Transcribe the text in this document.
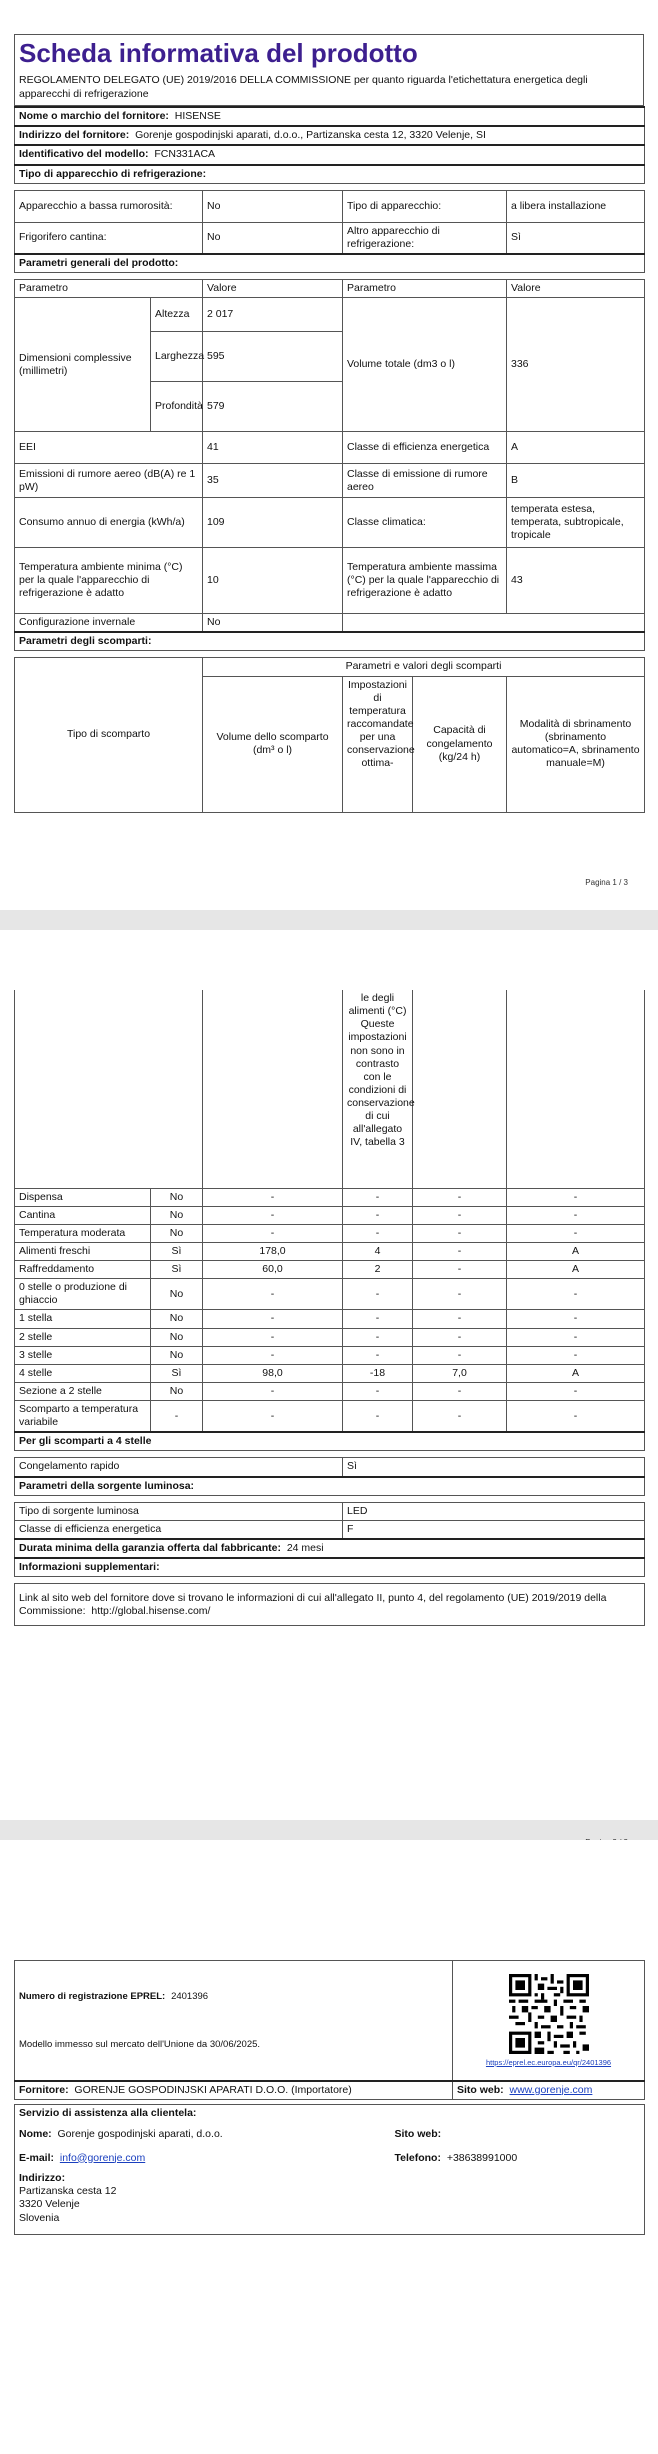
Scheda informativa del prodotto
REGOLAMENTO DELEGATO (UE) 2019/2016 DELLA COMMISSIONE per quanto riguarda l'etichettatura energetica degli apparecchi di refrigerazione
Nome o marchio del fornitore: HISENSE
Indirizzo del fornitore: Gorenje gospodinjski aparati, d.o.o., Partizanska cesta 12, 3320 Velenje, SI
Identificativo del modello: FCN331ACA
Tipo di apparecchio di refrigerazione:
Apparecchio a bassa rumorosità:	No	Tipo di apparecchio:	a libera installazione
Frigorifero cantina:	No	Altro apparecchio di refrigerazione:	Sì
Parametri generali del prodotto:			
Parametro		Valore	Parametro	Valore
Dimensioni complessive (millimetri)	Altezza	2 017	Volume totale (dm3 o l)	336
	Larghezza	595		
	Profondità	579		
EEI		41	Classe di efficienza energetica	A
Emissioni di rumore aereo (dB(A) re 1 pW)		35	Classe di emissione di rumore aereo	B
Consumo annuo di energia (kWh/a)		109	Classe climatica:	temperata estesa, temperata, subtropicale, tropicale
Temperatura ambiente minima (°C) per la quale l'apparecchio di refrigerazione è adatto		10	Temperatura ambiente massima (°C) per la quale l'apparecchio di refrigerazione è adatto	43
Configurazione invernale		No		
Parametri degli scomparti:				
Tipo di scomparto	Parametri e valori degli scomparti			
	Volume dello scomparto (dm³ o l)	Impostazioni di temperatura raccomandate per una conservazione ottima-	Capacità di congelamento (kg/24 h)	Modalità di sbrinamento (sbrinamento automatico=A, sbrinamento manuale=M)
Pagina 1 / 3
			le degli alimenti (°C) Queste impostazioni non sono in contrasto con le condizioni di conservazione di cui all'allegato IV, tabella 3		
Dispensa	No	-	-	-	-
Cantina	No	-	-	-	-
Temperatura moderata	No	-	-	-	-
Alimenti freschi	Sì	178,0	4	-	A
Raffreddamento	Sì	60,0	2	-	A
0 stelle o produzione di ghiaccio	No	-	-	-	-
1 stella	No	-	-	-	-
2 stelle	No	-	-	-	-
3 stelle	No	-	-	-	-
4 stelle	Sì	98,0	-18	7,0	A
Sezione a 2 stelle	No	-	-	-	-
Scomparto a temperatura variabile	-	-	-	-	-
Per gli scomparti a 4 stelle					
Congelamento rapido	Sì
Parametri della sorgente luminosa:
Tipo di sorgente luminosa	LED
Classe di efficienza energetica	F
Durata minima della garanzia offerta dal fabbricante: 24 mesi	
Informazioni supplementari:	
Link al sito web del fornitore dove si trovano le informazioni di cui all'allegato II, punto 4, del regolamento (UE) 2019/2019 della Commissione: http://global.hisense.com/
Numero di registrazione EPREL: 2401396
Modello immesso sul mercato dell'Unione da 30/06/2025.	https://eprel.ec.europa.eu/qr/2401396

Fornitore: GORENJE GOSPODINJSKI APARATI D.O.O. (Importatore)	Sito web: www.gorenje.com
Servizio di assistenza alla clientela:	
Nome: Gorenje gospodinjski aparati, d.o.o.	Sito web:
E-mail: info@gorenje.com	Telefono: +38638991000

Indirizzo:
Partizanska cesta 12
3320 Velenje
Slovenia	
